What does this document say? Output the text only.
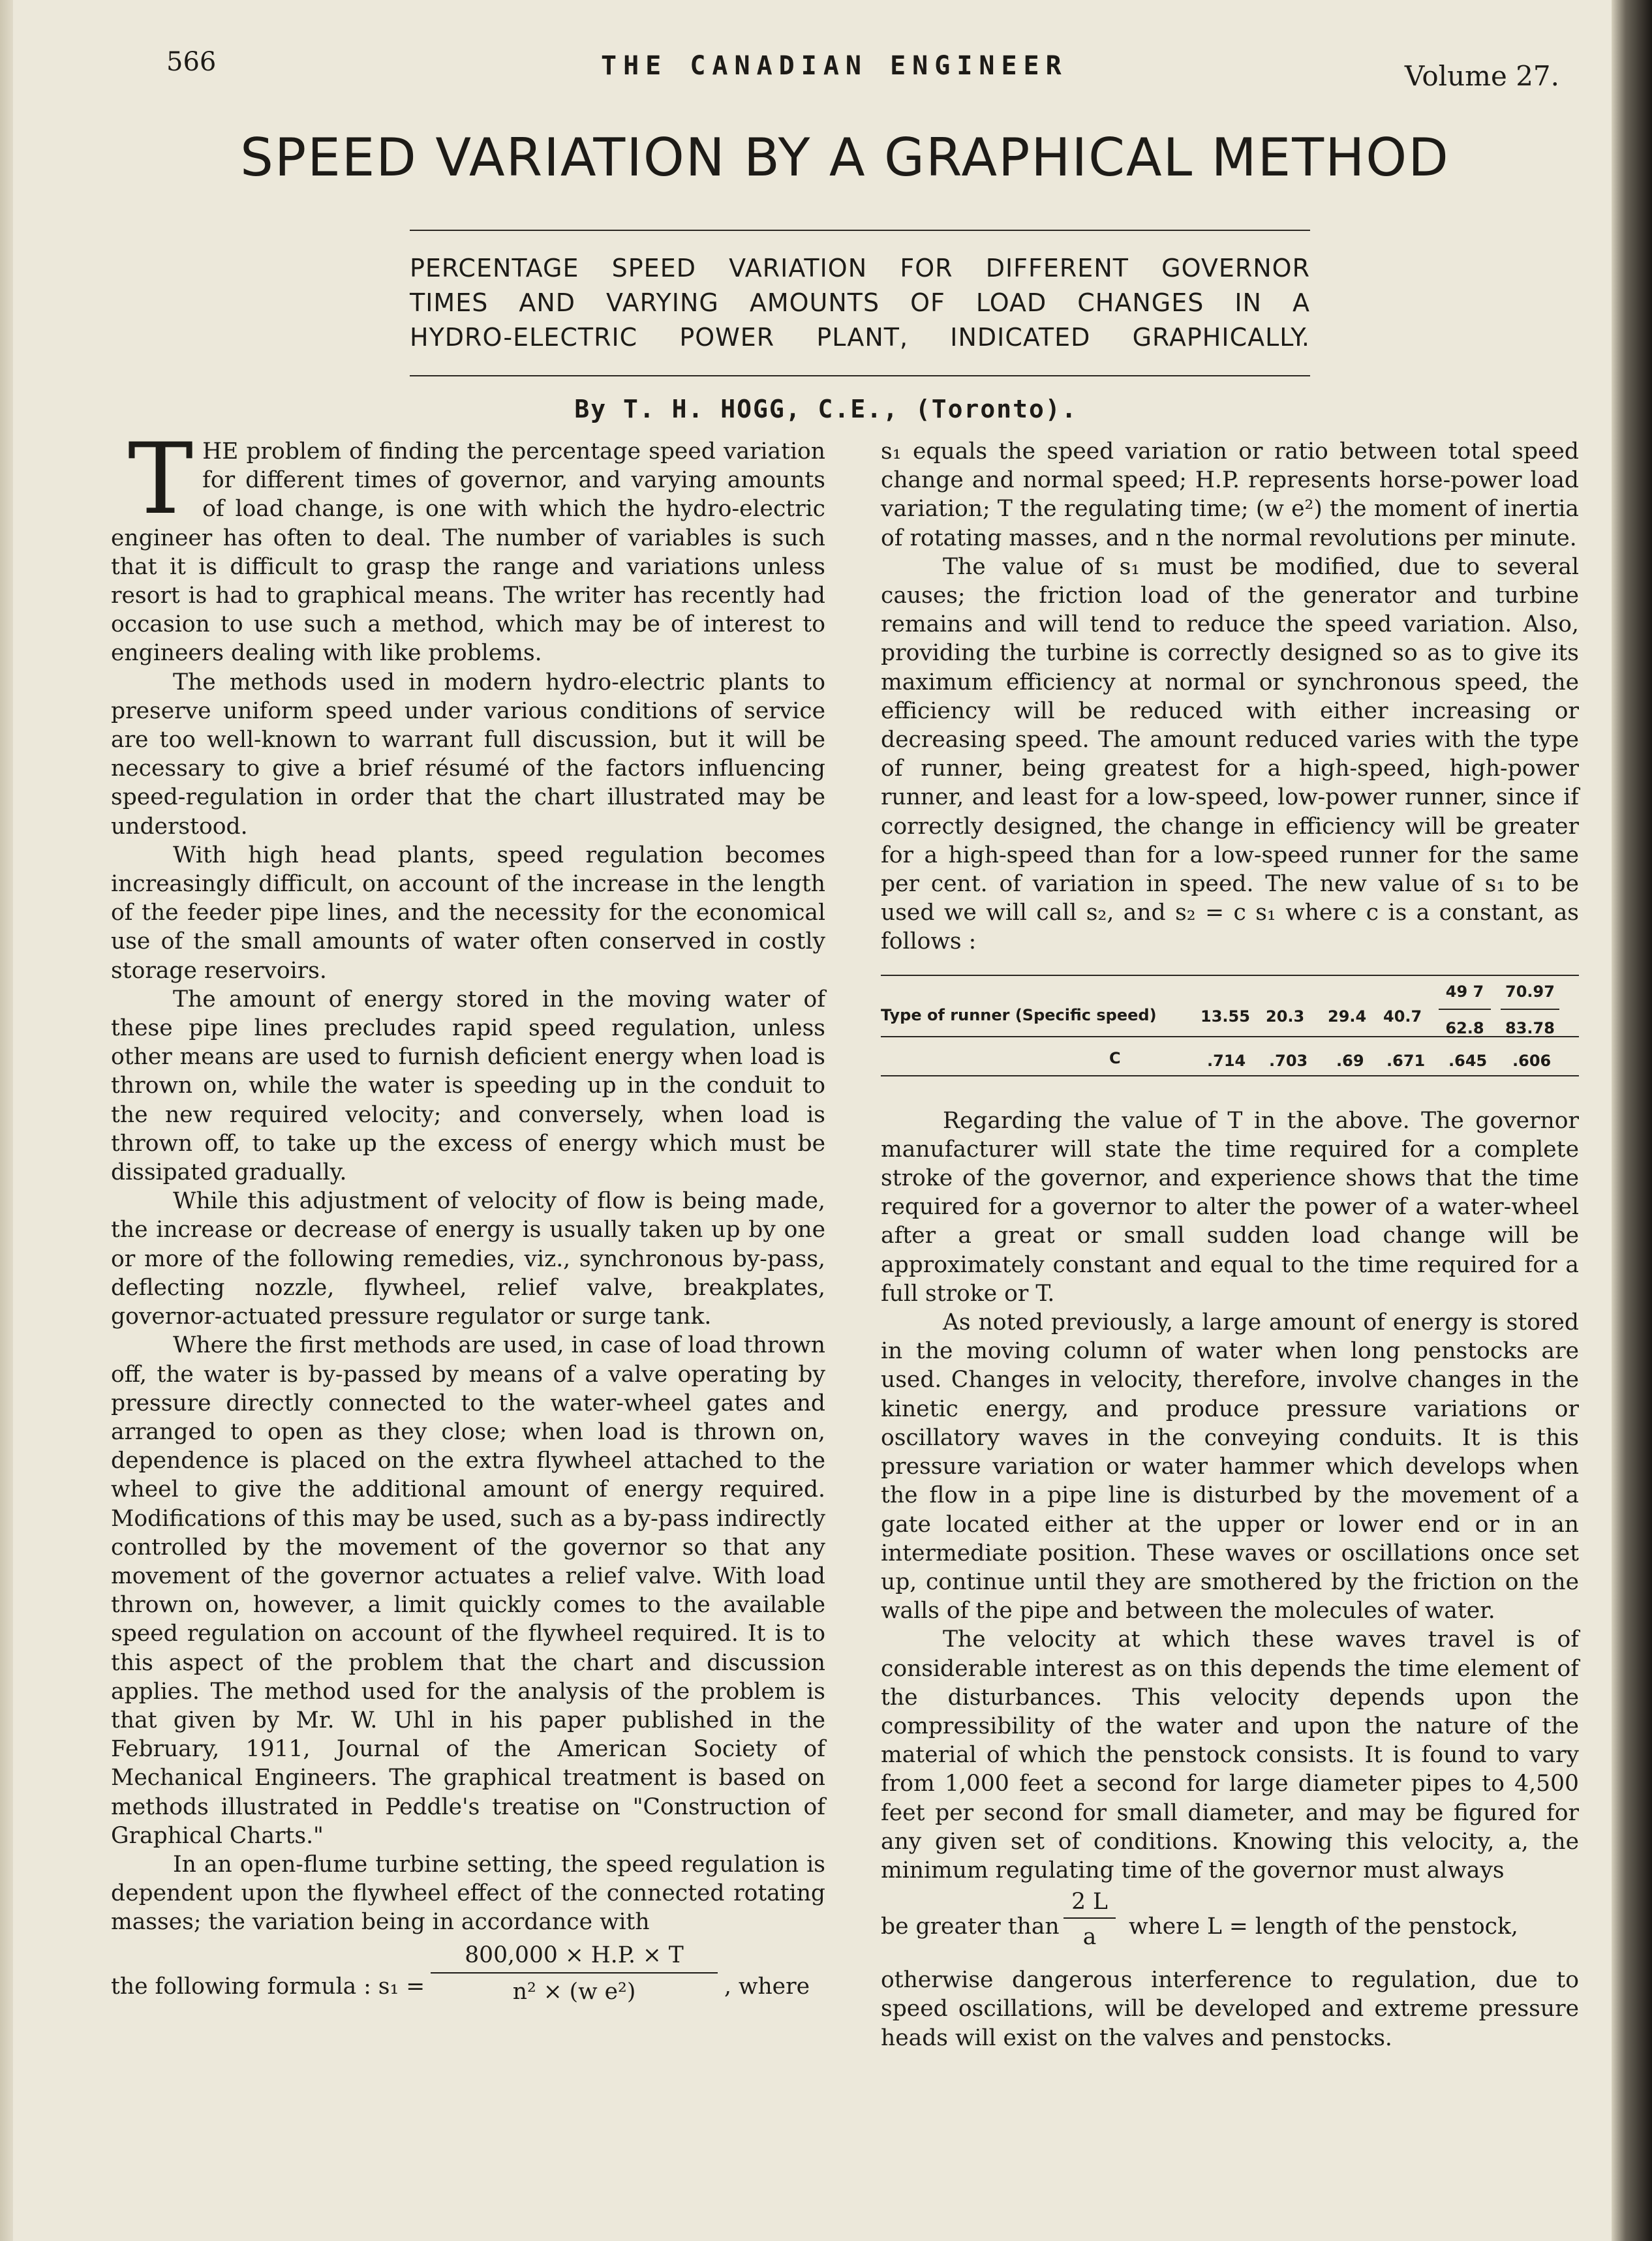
566	THE CANADIAN ENGINEER	Volume 27.
SPEED VARIATION BY A GRAPHICAL METHOD
PERCENTAGE SPEED VARIATION FOR DIFFERENT GOVERNOR
TIMES AND VARYING AMOUNTS OF LOAD CHANGES IN A
HYDRO-ELECTRIC POWER PLANT, INDICATED GRAPHICALLY.
By T. H. HOGG, C.E., (Toronto).

THE problem of finding the percentage speed variation for different times of governor, and varying amounts of load change, is one with which the hydro-electric engineer has often to deal. The number of variables is such that it is difficult to grasp the range and variations unless resort is had to graphical means. The writer has recently had occasion to use such a method, which may be of interest to engineers dealing with like problems.

The methods used in modern hydro-electric plants to preserve uniform speed under various conditions of service are too well-known to warrant full discussion, but it will be necessary to give a brief résumé of the factors influencing speed-regulation in order that the chart illustrated may be understood.

With high head plants, speed regulation becomes increasingly difficult, on account of the increase in the length of the feeder pipe lines, and the necessity for the economical use of the small amounts of water often conserved in costly storage reservoirs.

The amount of energy stored in the moving water of these pipe lines precludes rapid speed regulation, unless other means are used to furnish deficient energy when load is thrown on, while the water is speeding up in the conduit to the new required velocity; and conversely, when load is thrown off, to take up the excess of energy which must be dissipated gradually.

While this adjustment of velocity of flow is being made, the increase or decrease of energy is usually taken up by one or more of the following remedies, viz., synchronous by-pass, deflecting nozzle, flywheel, relief valve, breakplates, governor-actuated pressure regulator or surge tank.

Where the first methods are used, in case of load thrown off, the water is by-passed by means of a valve operating by pressure directly connected to the water-wheel gates and arranged to open as they close; when load is thrown on, dependence is placed on the extra flywheel attached to the wheel to give the additional amount of energy required. Modifications of this may be used, such as a by-pass indirectly controlled by the movement of the governor so that any movement of the governor actuates a relief valve. With load thrown on, however, a limit quickly comes to the available speed regulation on account of the flywheel required. It is to this aspect of the problem that the chart and discussion applies. The method used for the analysis of the problem is that given by Mr. W. Uhl in his paper published in the February, 1911, Journal of the American Society of Mechanical Engineers. The graphical treatment is based on methods illustrated in Peddle's treatise on "Construction of Graphical Charts."

In an open-flume turbine setting, the speed regulation is dependent upon the flywheel effect of the connected rotating masses; the variation being in accordance with

the following formula : $s_1 = \frac{800,000 \times H.P. \times T}{\text{n² × (w e²)}}$ , where

s₁ equals the speed variation or ratio between total speed change and normal speed; H.P. represents horse-power load variation; T the regulating time; (w e²) the moment of inertia of rotating masses, and n the normal revolutions per minute.

The value of s₁ must be modified, due to several causes; the friction load of the generator and turbine remains and will tend to reduce the speed variation. Also, providing the turbine is correctly designed so as to give its maximum efficiency at normal or synchronous speed, the efficiency will be reduced with either increasing or decreasing speed. The amount reduced varies with the type of runner, being greatest for a high-speed, high-power runner, and least for a low-speed, low-power runner, since if correctly designed, the change in efficiency will be greater for a high-speed than for a low-speed runner for the same per cent. of variation in speed. The new value of s₁ to be used we will call s₂, and s₂ = c s₁ where c is a constant, as follows :

Type of runner (Specific speed)	13.55 20.3 29.4 $40.7 \frac{49 7}{62.8} \frac{70.97}{83.78}$
C	.714 .703 .69 .671 .645 .606

Regarding the value of T in the above. The governor manufacturer will state the time required for a complete stroke of the governor, and experience shows that the time required for a governor to alter the power of a water-wheel after a great or small sudden load change will be approximately constant and equal to the time required for a full stroke or T.

As noted previously, a large amount of energy is stored in the moving column of water when long penstocks are used. Changes in velocity, therefore, involve changes in the kinetic energy, and produce pressure variations or oscillatory waves in the conveying conduits. It is this pressure variation or water hammer which develops when the flow in a pipe line is disturbed by the movement of a gate located either at the upper or lower end or in an intermediate position. These waves or oscillations once set up, continue until they are smothered by the friction on the walls of the pipe and between the molecules of water.

The velocity at which these waves travel is of considerable interest as on this depends the time element of the disturbances. This velocity depends upon the compressibility of the water and upon the nature of the material of which the penstock consists. It is found to vary from 1,000 feet a second for large diameter pipes to 4,500 feet per second for small diameter, and may be figured for any given set of conditions. Knowing this velocity, a, the minimum regulating time of the governor must always

be greater than $\frac{2 L}{a}$ where L = length of the penstock,

otherwise dangerous interference to regulation, due to speed oscillations, will be developed and extreme pressure heads will exist on the valves and penstocks.
